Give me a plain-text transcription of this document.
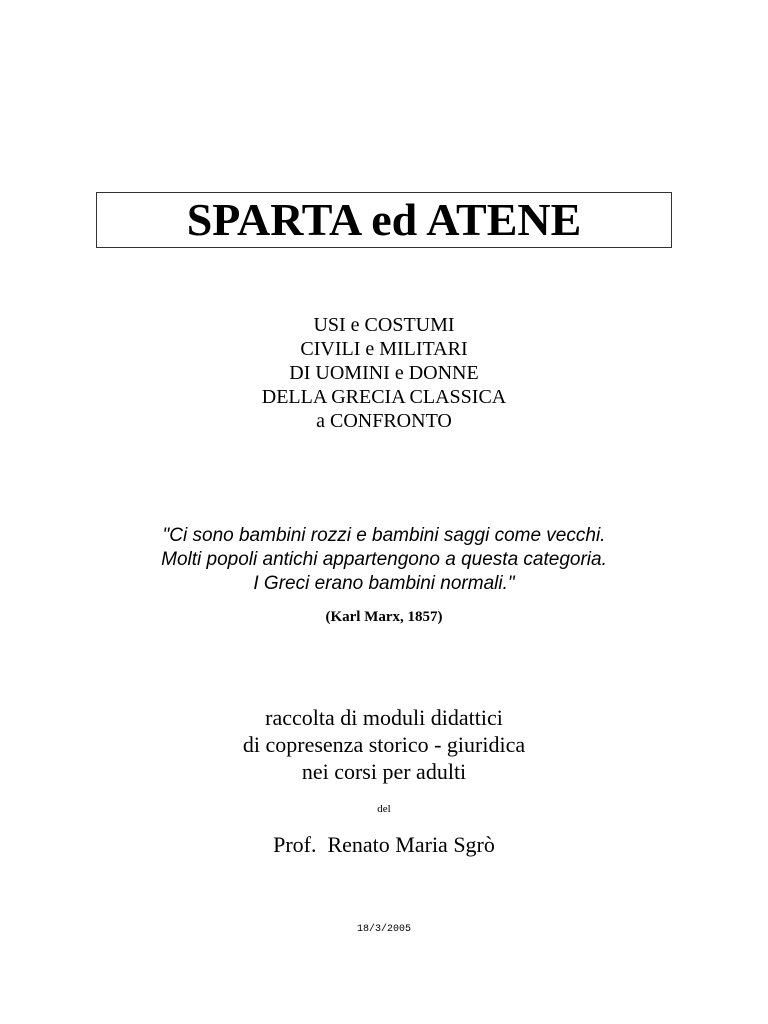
SPARTA ed ATENE
USI e COSTUMI
CIVILI e MILITARI
DI UOMINI e DONNE
DELLA GRECIA CLASSICA
a CONFRONTO
"Ci sono bambini rozzi e bambini saggi come vecchi.
Molti popoli antichi appartengono a questa categoria.
I Greci erano bambini normali."
(Karl Marx, 1857)
raccolta di moduli didattici
di copresenza storico - giuridica
nei corsi per adulti
del
Prof.  Renato Maria Sgrò
18/3/2005
